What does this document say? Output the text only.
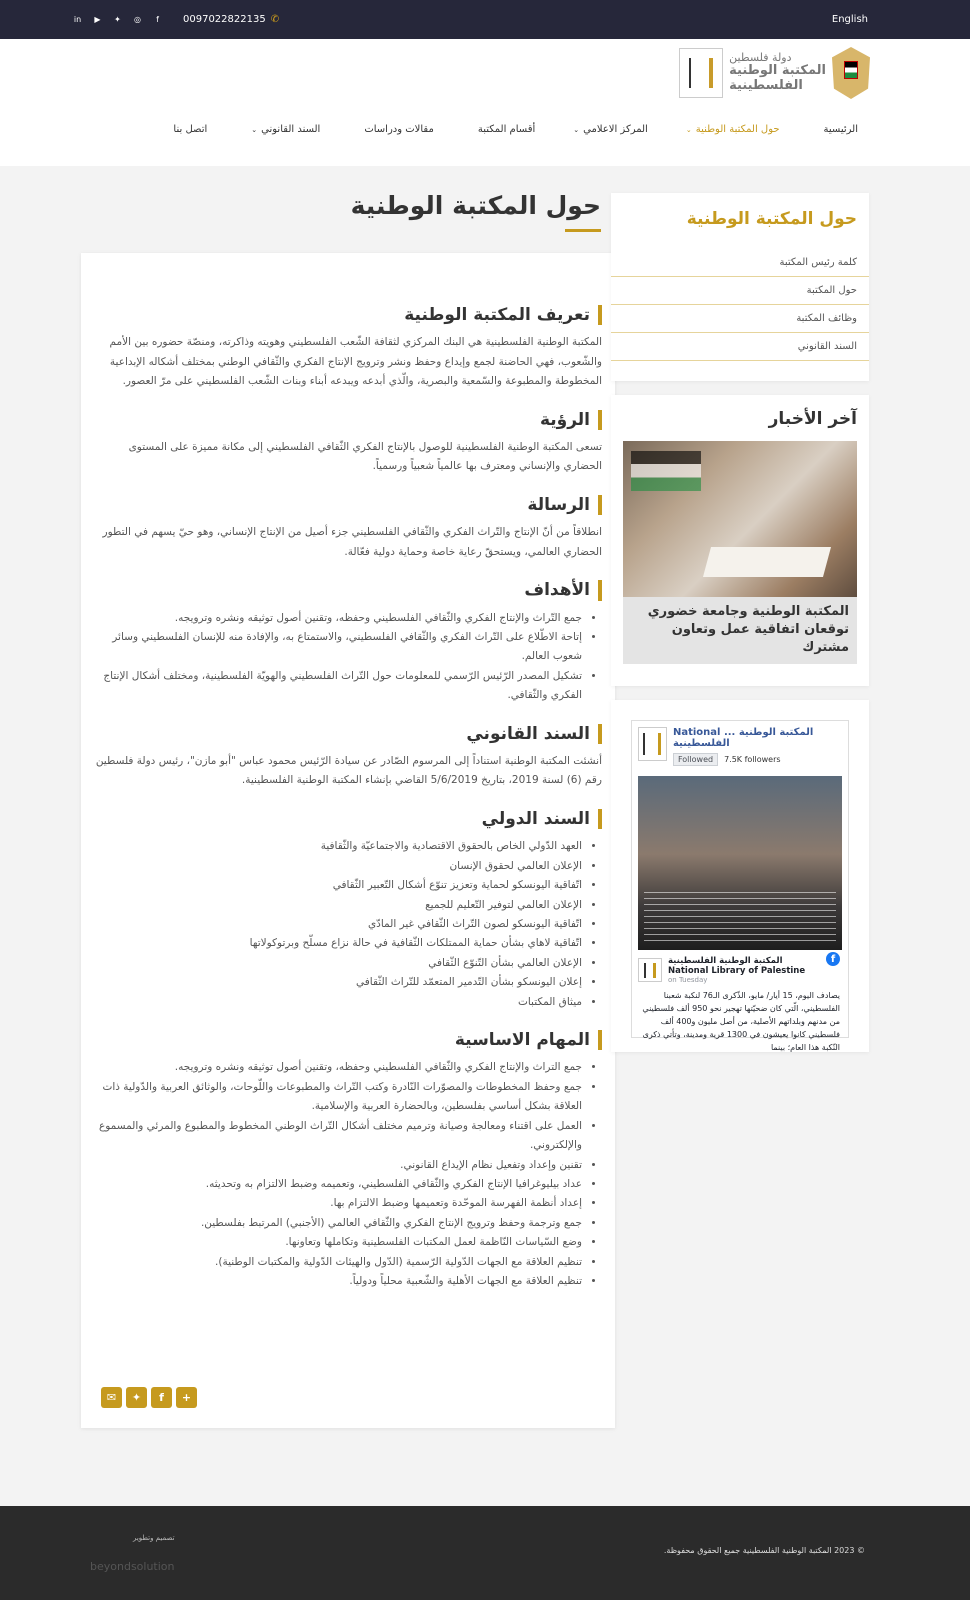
in	▶	✦ ◎	f	0097022822135 ✆	English
دولة فلسطين
المكتبة الوطنية
الفلسطينية
الرئيسية
حول المكتبة الوطنية
⌄
المركز الاعلامي
⌄
أقسام المكتبة
مقالات ودراسات
السند القانوني
⌄
اتصل بنا
حول المكتبة الوطنية
تعريف المكتبة الوطنية

المكتبة الوطنية الفلسطينية هي البنك المركزي لثقافة الشّعب الفلسطيني وهويته وذاكرته، ومنصّة حضوره بين الأمم والشّعوب، فهي الحاضنة لجمع وإيداع وحفظ ونشر وترويج الإنتاج الفكري والثّقافي الوطني بمختلف أشكاله الإبداعية المخطوطة والمطبوعة والسّمعية والبصرية، والّذي أبدعه ويبدعه أبناء وبنات الشّعب الفلسطيني على مرّ العصور.

الرؤية

تسعى المكتبة الوطنية الفلسطينية للوصول بالإنتاج الفكري الثّقافي الفلسطيني إلى مكانة مميزة على المستوى الحضاري والإنساني ومعترف بها عالمياً شعبياً ورسمياً.

الرسالة

انطلاقاً من أنّ الإنتاج والتّراث الفكري والثّقافي الفلسطيني جزء أصيل من الإنتاج الإنساني، وهو حيّ يسهم في التطور الحضاري العالمي، ويستحقّ رعاية خاصة وحماية دولية فعّالة.

الأهداف
• جمع التّراث والإنتاج الفكري والثّقافي الفلسطيني وحفظه، وتقنين أصول توثيقه ونشره وترويجه.
• إتاحة الاطّلاع على التّراث الفكري والثّقافي الفلسطيني، والاستمتاع به، والإفادة منه للإنسان الفلسطيني وسائر شعوب العالم.
• تشكيل المصدر الرّئيس الرّسمي للمعلومات حول التّراث الفلسطيني والهويّة الفلسطينية، ومختلف أشكال الإنتاج الفكري والثّقافي.
السند القانوني

أنشئت المكتبة الوطنية استناداً إلى المرسوم الصّادر عن سيادة الرّئيس محمود عباس "أبو مازن"، رئيس دولة فلسطين رقم (6) لسنة 2019، بتاريخ 5/6/2019 القاضي بإنشاء المكتبة الوطنية الفلسطينية.

السند الدولي
• العهد الدّولي الخاص بالحقوق الاقتصادية والاجتماعيّة والثّقافية
• الإعلان العالمي لحقوق الإنسان
• اتّفاقية اليونسكو لحماية وتعزيز تنوّع أشكال التّعبير الثّقافي
• الإعلان العالمي لتوفير التّعليم للجميع
• اتّفاقية اليونسكو لصون التّراث الثّقافي غير المادّي
• اتّفاقية لاهاي بشأن حماية الممتلكات الثّقافية في حالة نزاع مسلّح وبرتوكولاتها
• الإعلان العالمي بشأن التّنوّع الثّقافي
• إعلان اليونسكو بشأن التّدمير المتعمّد للتّراث الثّقافي
• ميثاق المكتبات
المهام الاساسية
• جمع التراث والإنتاج الفكري والثّقافي الفلسطيني وحفظه، وتقنين أصول توثيقه ونشره وترويجه.
• جمع وحفظ المخطوطات والمصوّرات النّادرة وكتب التّراث والمطبوعات واللّوحات، والوثائق العربية والدّولية ذات العلاقة بشكل أساسي بفلسطين، وبالحضارة العربية والإسلامية.
• العمل على اقتناء ومعالجة وصيانة وترميم مختلف أشكال التّراث الوطني المخطوط والمطبوع والمرئي والمسموع والإلكتروني.
• تقنين وإعداد وتفعيل نظام الإيداع القانوني.
• عداد بيليوغرافيا الإنتاج الفكري والثّقافي الفلسطيني، وتعميمه وضبط الالتزام به وتحديثه.
• إعداد أنظمة الفهرسة الموحّدة وتعميمها وضبط الالتزام بها.
• جمع وترجمة وحفظ وترويج الإنتاج الفكري والثّقافي العالمي (الأجنبي) المرتبط بفلسطين.
• وضع السّياسات النّاظمة لعمل المكتبات الفلسطينية وتكاملها وتعاونها.
• تنظيم العلاقة مع الجهات الدّولية الرّسمية (الدّول والهيئات الدّولية والمكتبات الوطنية).
• تنظيم العلاقة مع الجهات الأهلية والشّعبية محلياً ودولياً.
✉	✦	f	+
حول المكتبة الوطنية
كلمة رئيس المكتبة
حول المكتبة
وظائف المكتبة
السند القانوني
آخر الأخبار
المكتبة الوطنية وجامعة خضوري توقعان اتفاقية عمل وتعاون مشترك
National ... المكتبة الوطنية الفلسطينية
Followed	7.5K followers
المكتبة الوطنية الفلسطينية National Library of Palestine
on Tuesday
f
يصادف اليوم، 15 أيار/ مايو، الذّكرى الـ76 لنكبة شعبنا الفلسطيني، الّتي كان ضحيّتها تهجير نحو 950 ألف فلسطيني من مدنهم وبلداتهم الأصلية، من أصل مليون و400 ألف فلسطيني كانوا يعيشون في 1300 قرية ومدينة، وتأتي ذكرى النّكبة هذا العام؛ بينما
© 2023 المكتبة الوطنية الفلسطينية جميع الحقوق محفوظة.
تصميم وتطوير
beyondsolution
